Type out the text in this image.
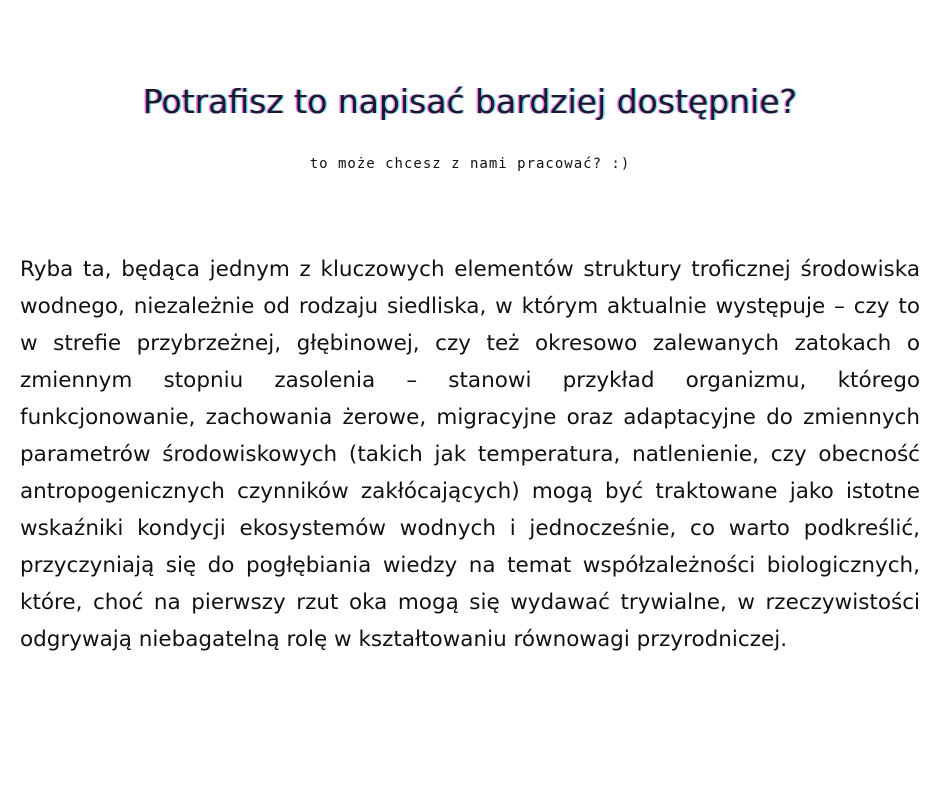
Potrafisz to napisać bardziej dostępnie?

to może chcesz z nami pracować? :)

Ryba ta, będąca jednym z kluczowych elementów struktury troficznej środowiska wodnego, niezależnie od rodzaju siedliska, w którym aktualnie występuje – czy to w strefie przybrzeżnej, głębinowej, czy też okresowo zalewanych zatokach o zmiennym stopniu zasolenia – stanowi przykład organizmu, którego funkcjonowanie, zachowania żerowe, migracyjne oraz adaptacyjne do zmiennych parametrów środowiskowych (takich jak temperatura, natlenienie, czy obecność antropogenicznych czynników zakłócających) mogą być traktowane jako istotne wskaźniki kondycji ekosystemów wodnych i jednocześnie, co warto podkreślić, przyczyniają się do pogłębiania wiedzy na temat współzależności biologicznych, które, choć na pierwszy rzut oka mogą się wydawać trywialne, w rzeczywistości odgrywają niebagatelną rolę w kształtowaniu równowagi przyrodniczej.
